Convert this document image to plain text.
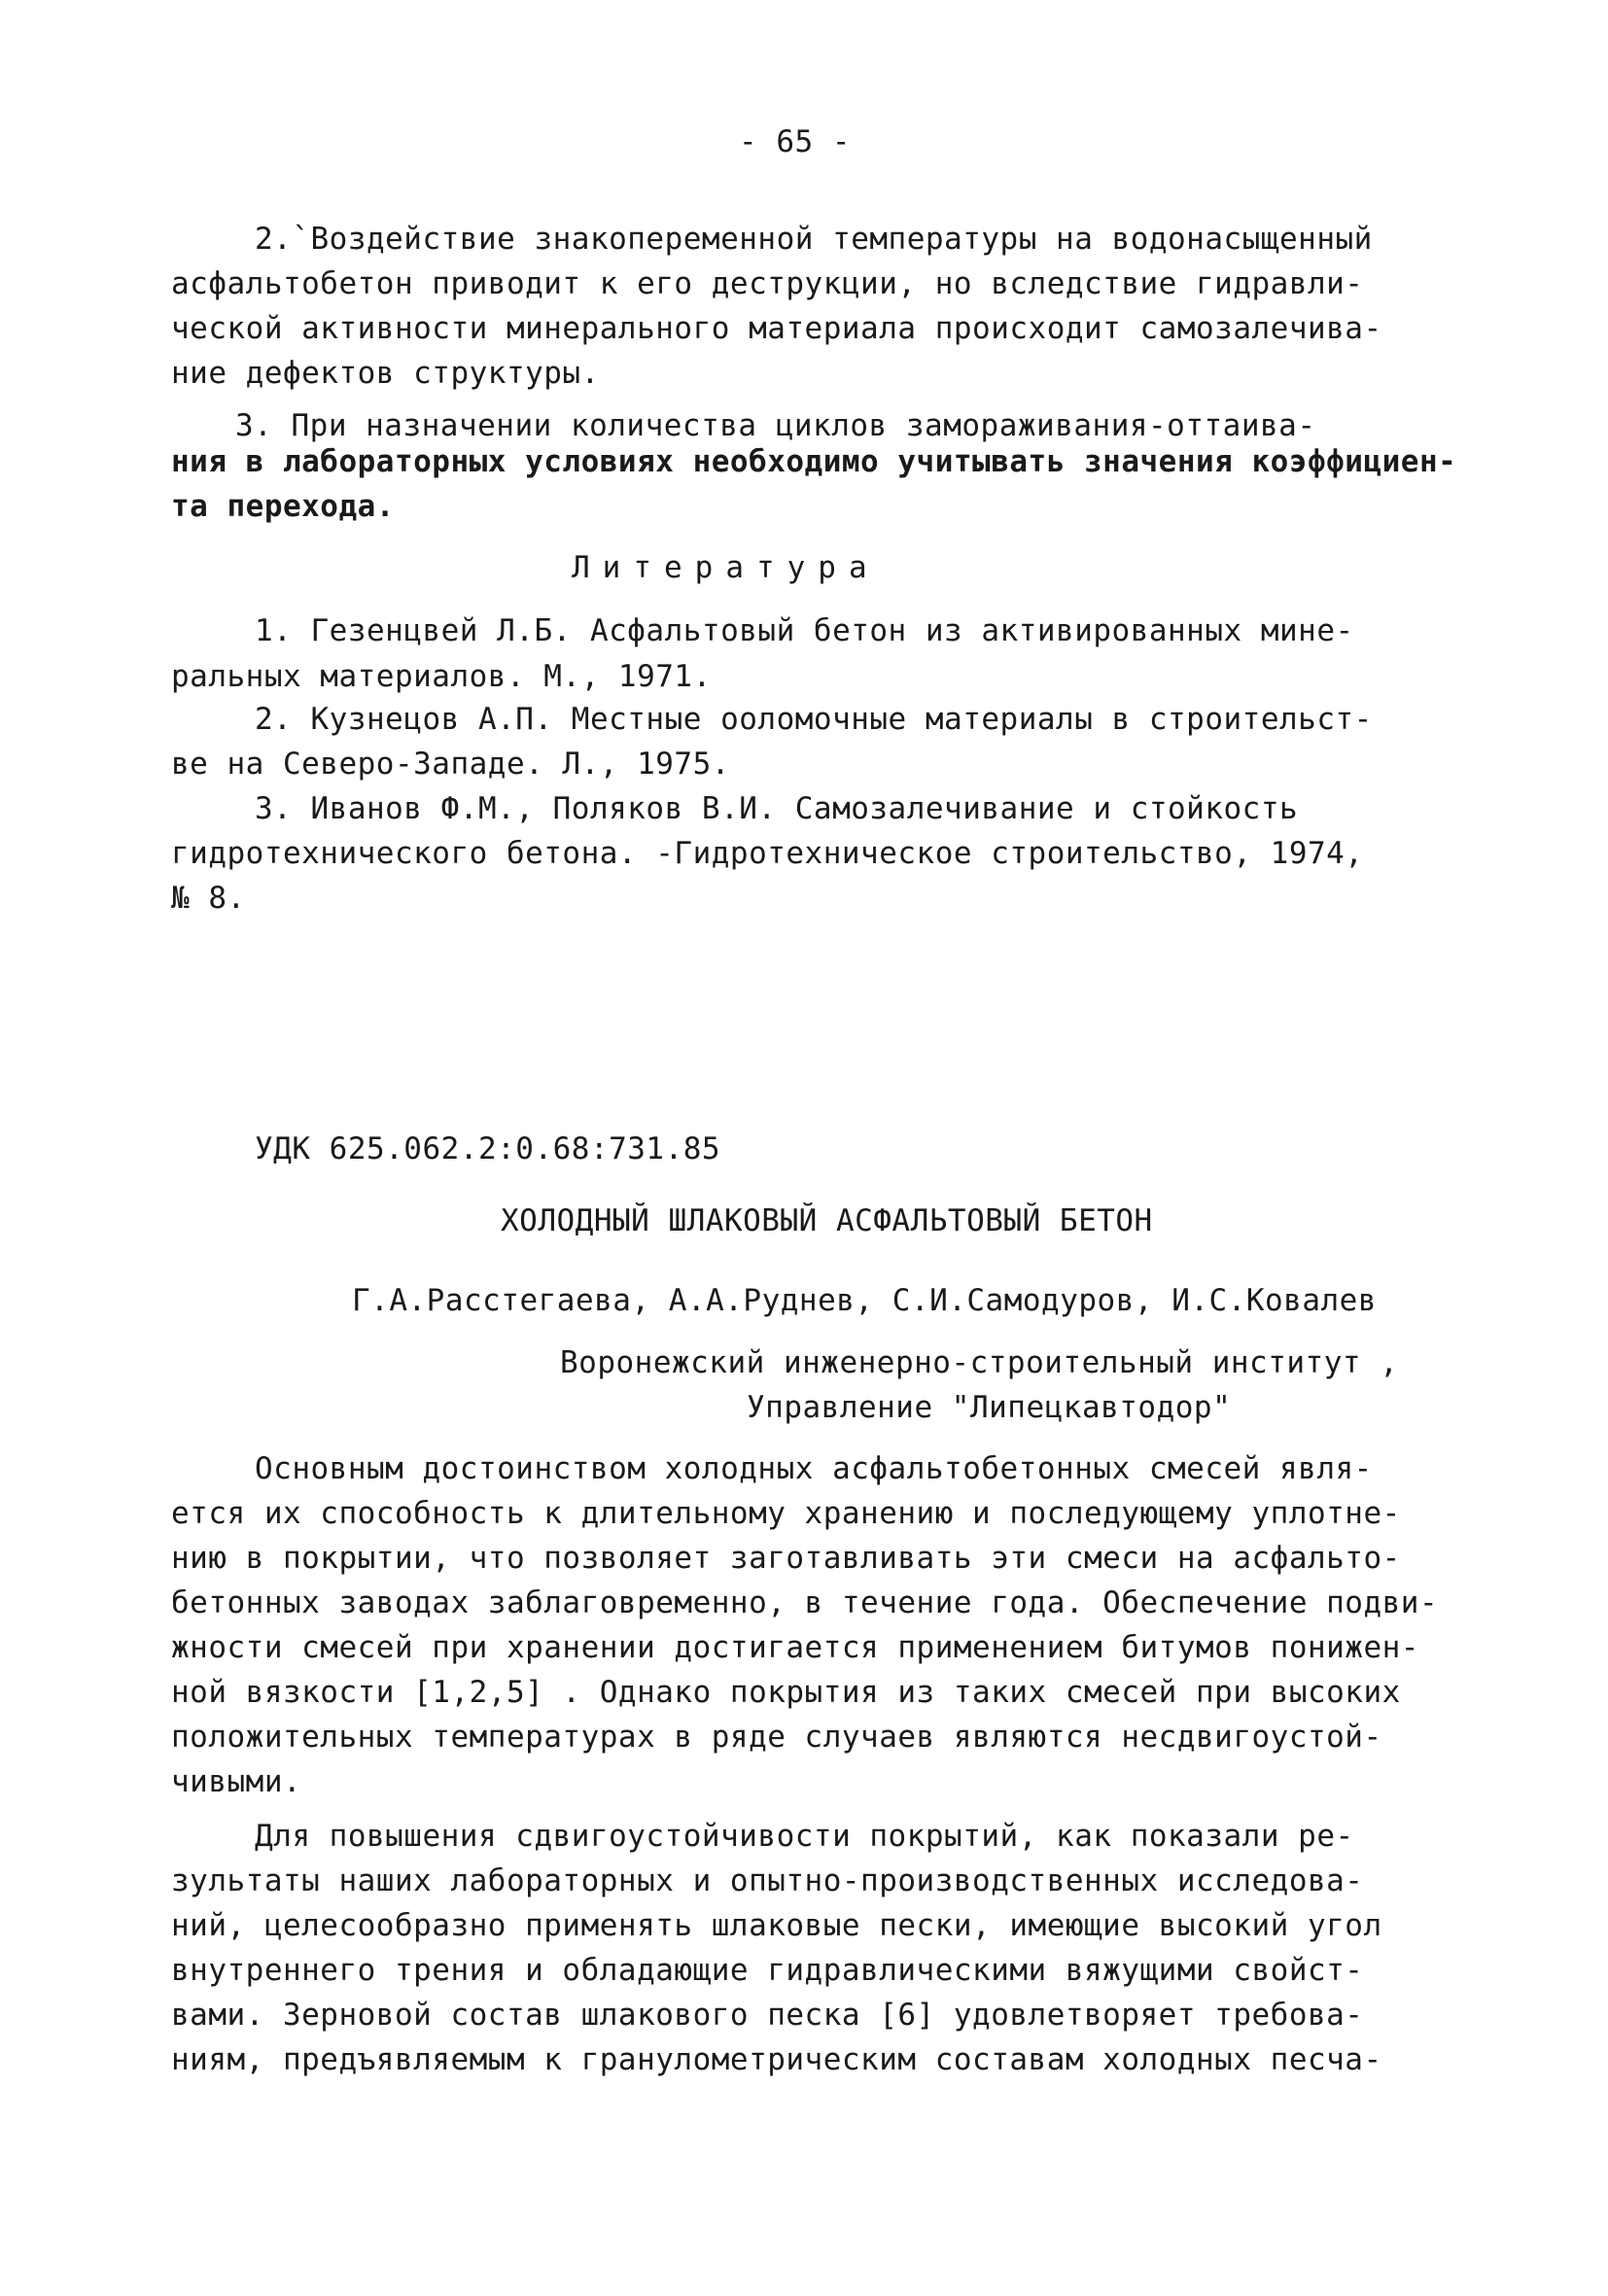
- 65 -
2.`Воздействие знакопеременной температуры на водонасыщенный
асфальтобетон приводит к его деструкции, но вследствие гидравли-
ческой активности минерального материала происходит самозалечива-
ние дефектов структуры.
3. При назначении количества циклов замораживания-оттаива-
ния в лабораторных условиях необходимо учитывать значения коэффициен-
та перехода.
Литература
1. Гезенцвей Л.Б. Асфальтовый бетон из активированных мине-
ральных материалов. М., 1971.
2. Кузнецов А.П. Местные ооломочные материалы в строительст-
ве на Северо-Западе. Л., 1975.
3. Иванов Ф.М., Поляков В.И. Самозалечивание и стойкость
гидротехнического бетона. -Гидротехническое строительство, 1974,
№ 8.
УДК 625.062.2:0.68:731.85
ХОЛОДНЫЙ ШЛАКОВЫЙ АСФАЛЬТОВЫЙ БЕТОН
Г.А.Расстегаева, А.А.Руднев, С.И.Самодуров, И.С.Ковалев
Воронежский инженерно-строительный институт ,
Управление "Липецкавтодор"
Основным достоинством холодных асфальтобетонных смесей явля-
ется их способность к длительному хранению и последующему уплотне-
нию в покрытии, что позволяет заготавливать эти смеси на асфальто-
бетонных заводах заблаговременно, в течение года. Обеспечение подви-
жности смесей при хранении достигается применением битумов понижен-
ной вязкости [1,2,5] . Однако покрытия из таких смесей при высоких
положительных температурах в ряде случаев являются несдвигоустой-
чивыми.
Для повышения сдвигоустойчивости покрытий, как показали ре-
зультаты наших лабораторных и опытно-производственных исследова-
ний, целесообразно применять шлаковые пески, имеющие высокий угол
внутреннего трения и обладающие гидравлическими вяжущими свойст-
вами. Зерновой состав шлакового песка [6] удовлетворяет требова-
ниям, предъявляемым к гранулометрическим составам холодных песча-
